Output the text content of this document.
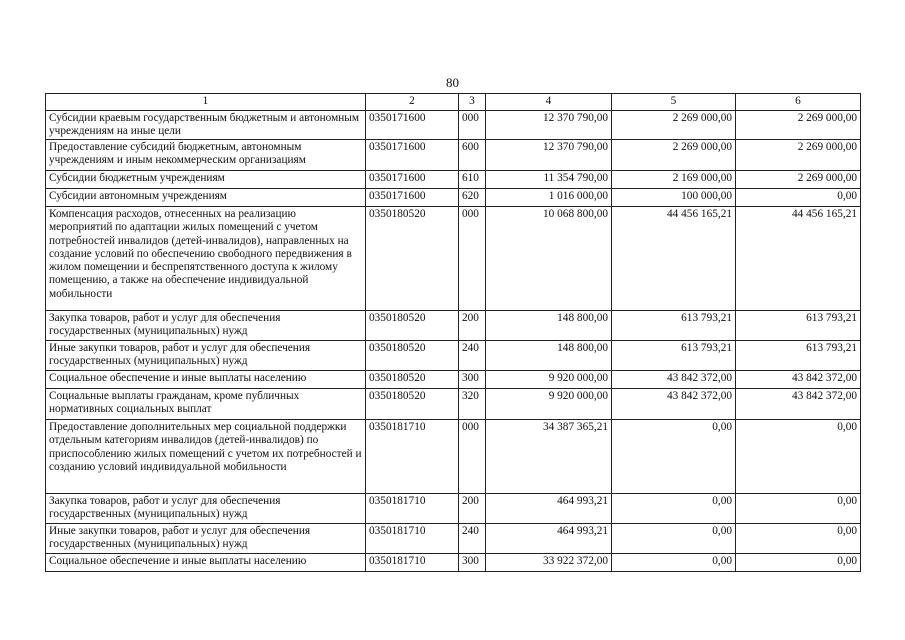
80
1	2	3	4	5	6
Субсидии краевым государственным бюджетным и автономным учреждениям на иные цели	0350171600	000	12 370 790,00	2 269 000,00	2 269 000,00
Предоставление субсидий бюджетным, автономным учреждениям и иным некоммерческим организациям	0350171600	600	12 370 790,00	2 269 000,00	2 269 000,00
Субсидии бюджетным учреждениям	0350171600	610	11 354 790,00	2 169 000,00	2 269 000,00
Субсидии автономным учреждениям	0350171600	620	1 016 000,00	100 000,00	0,00
Компенсация расходов, отнесенных на реализацию мероприятий по адаптации жилых помещений с учетом потребностей инвалидов (детей-инвалидов), направленных на создание условий по обеспечению свободного передвижения в жилом помещении и беспрепятственного доступа к жилому помещению, а также на обеспечение индивидуальной мобильности	0350180520	000	10 068 800,00	44 456 165,21	44 456 165,21
Закупка товаров, работ и услуг для обеспечения государственных (муниципальных) нужд	0350180520	200	148 800,00	613 793,21	613 793,21
Иные закупки товаров, работ и услуг для обеспечения государственных (муниципальных) нужд	0350180520	240	148 800,00	613 793,21	613 793,21
Социальное обеспечение и иные выплаты населению	0350180520	300	9 920 000,00	43 842 372,00	43 842 372,00
Социальные выплаты гражданам, кроме публичных нормативных социальных выплат	0350180520	320	9 920 000,00	43 842 372,00	43 842 372,00
Предоставление дополнительных мер социальной поддержки отдельным категориям инвалидов (детей-инвалидов) по приспособлению жилых помещений с учетом их потребностей и созданию условий индивидуальной мобильности	0350181710	000	34 387 365,21	0,00	0,00
Закупка товаров, работ и услуг для обеспечения государственных (муниципальных) нужд	0350181710	200	464 993,21	0,00	0,00
Иные закупки товаров, работ и услуг для обеспечения государственных (муниципальных) нужд	0350181710	240	464 993,21	0,00	0,00
Социальное обеспечение и иные выплаты населению	0350181710	300	33 922 372,00	0,00	0,00
